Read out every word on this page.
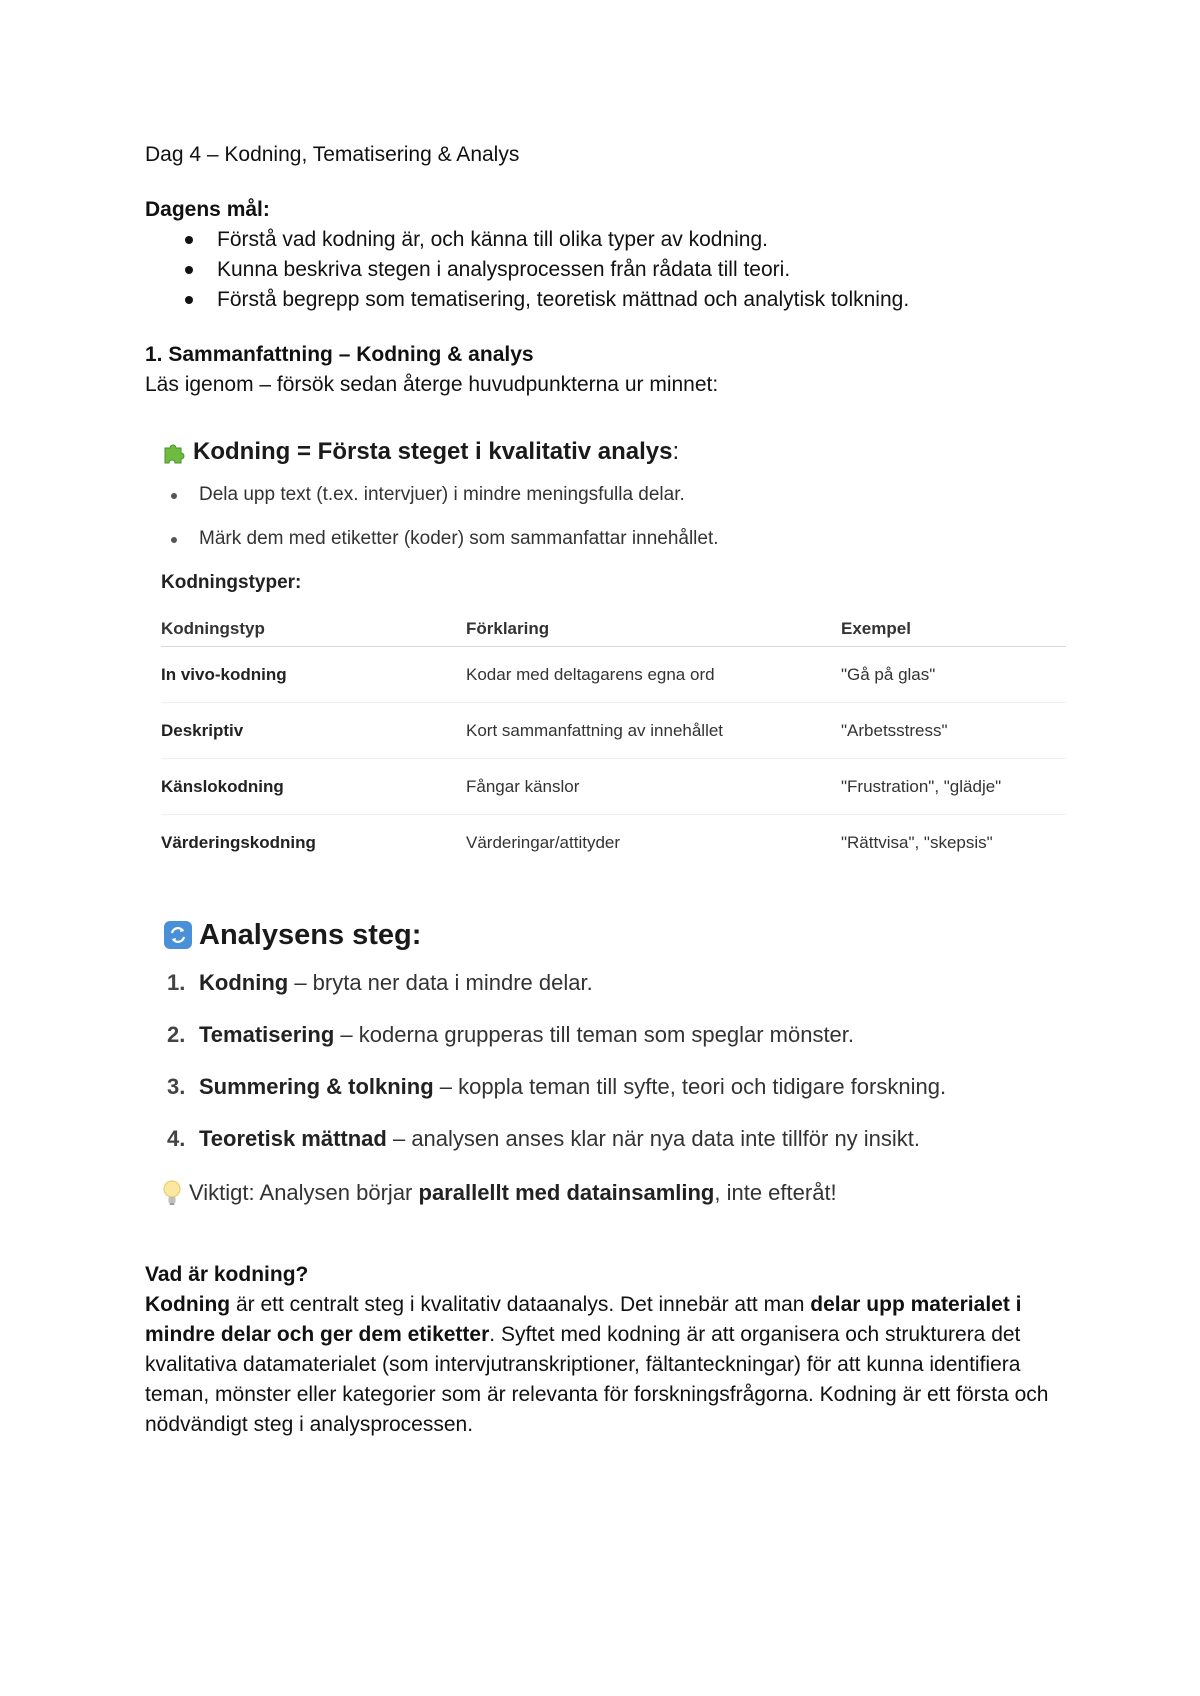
Dag 4 – Kodning, Tematisering & Analys

Dagens mål:

Förstå vad kodning är, och känna till olika typer av kodning.
Kunna beskriva stegen i analysprocessen från rådata till teori.
Förstå begrepp som tematisering, teoretisk mättnad och analytisk tolkning.

1. Sammanfattning – Kodning & analys

Läs igenom – försök sedan återge huvudpunkterna ur minnet:

Kodning = Första steget i kvalitativ analys :
Dela upp text (t.ex. intervjuer) i mindre meningsfulla delar.
Märk dem med etiketter (koder) som sammanfattar innehållet.
Kodningstyper:
Kodningstyp	Förklaring	Exempel
In vivo-kodning	Kodar med deltagarens egna ord	"Gå på glas"
Deskriptiv	Kort sammanfattning av innehållet	"Arbetsstress"
Känslokodning	Fångar känslor	"Frustration", "glädje"
Värderingskodning	Värderingar/attityder	"Rättvisa", "skepsis"
Analysens steg:
1. Kodning – bryta ner data i mindre delar.
2. Tematisering – koderna grupperas till teman som speglar mönster.
3. Summering & tolkning – koppla teman till syfte, teori och tidigare forskning.
4. Teoretisk mättnad – analysen anses klar när nya data inte tillför ny insikt.
Viktigt: Analysen börjar parallellt med datainsamling, inte efteråt!

Vad är kodning?

Kodning är ett centralt steg i kvalitativ dataanalys. Det innebär att man delar upp materialet i mindre delar och ger dem etiketter. Syftet med kodning är att organisera och strukturera det kvalitativa datamaterialet (som intervjutranskriptioner, fältanteckningar) för att kunna identifiera teman, mönster eller kategorier som är relevanta för forskningsfrågorna. Kodning är ett första och nödvändigt steg i analysprocessen.
